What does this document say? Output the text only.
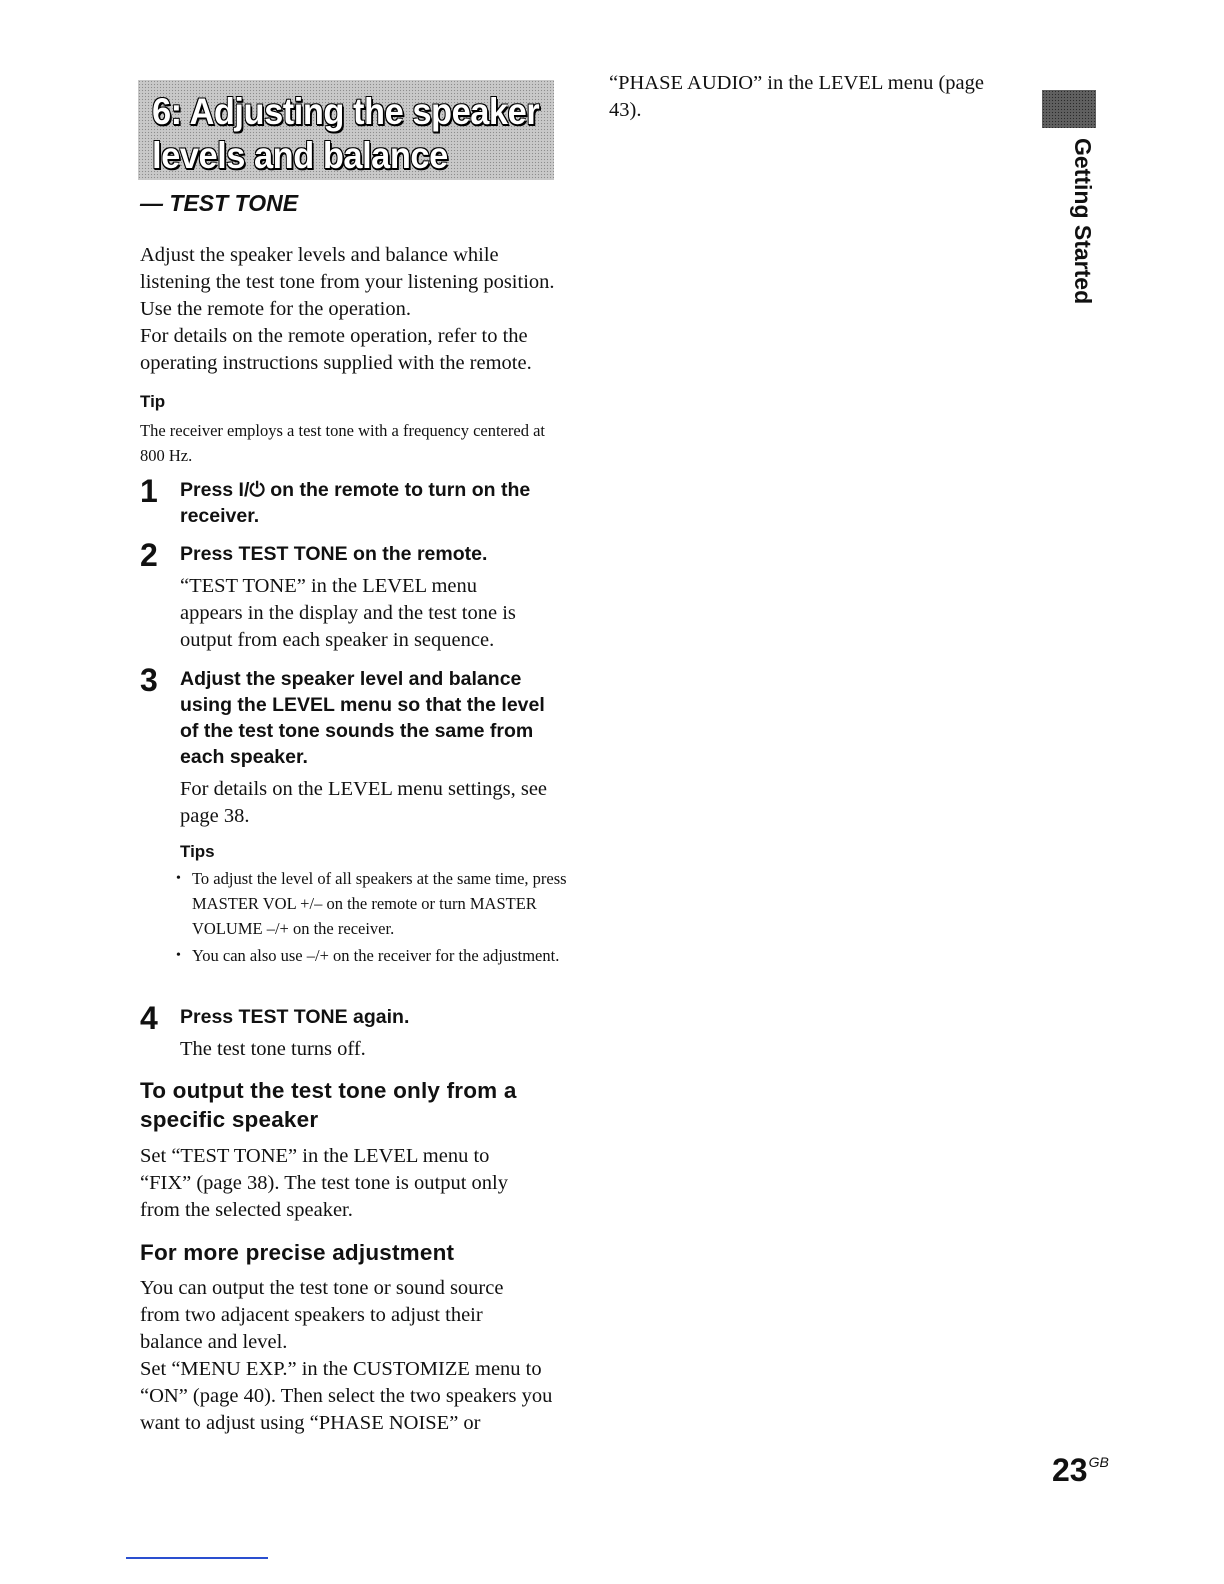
6: Adjusting the speaker
levels and balance
— TEST TONE

Adjust the speaker levels and balance while listening the test tone from your listening position. Use the remote for the operation.

For details on the remote operation, refer to the operating instructions supplied with the remote.

Tip

The receiver employs a test tone with a frequency centered at 800 Hz.

1 Press I/⏻ on the remote to turn on the receiver.
2 Press TEST TONE on the remote.
“TEST TONE” in the LEVEL menu appears in the display and the test tone is output from each speaker in sequence.
3 Adjust the speaker level and balance using the LEVEL menu so that the level of the test tone sounds the same from each speaker.
For details on the LEVEL menu settings, see page 38.

Tips

• To adjust the level of all speakers at the same time, press MASTER VOL +/– on the remote or turn MASTER VOLUME –/+ on the receiver.
• You can also use –/+ on the receiver for the adjustment.
4 Press TEST TONE again.
The test tone turns off.
To output the test tone only from a specific speaker

Set “TEST TONE” in the LEVEL menu to “FIX” (page 38). The test tone is output only from the selected speaker.

For more precise adjustment

You can output the test tone or sound source from two adjacent speakers to adjust their balance and level.

Set “MENU EXP.” in the CUSTOMIZE menu to “ON” (page 40). Then select the two speakers you want to adjust using “PHASE NOISE” or

“PHASE AUDIO” in the LEVEL menu (page 43).
Getting Started
$23^{GB}$
